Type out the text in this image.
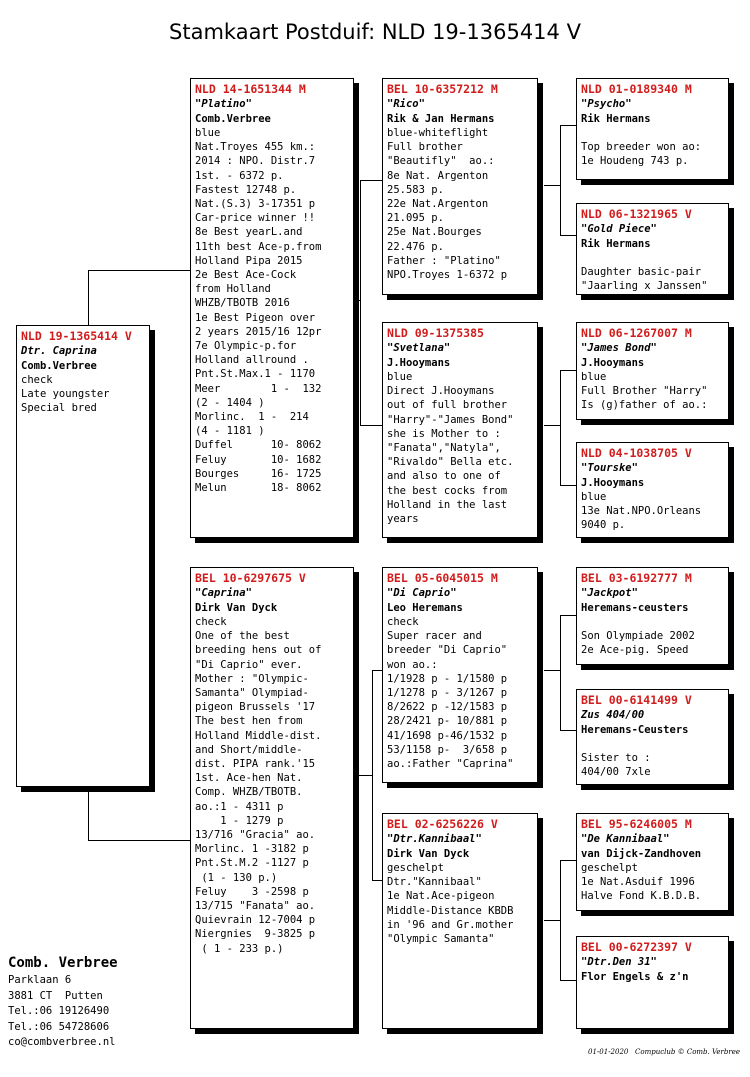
Stamkaart Postduif: NLD 19-1365414 V
NLD 19-1365414 V
Dtr. Caprina
Comb.Verbree
check
Late youngster
Special bred
NLD 14-1651344 M
"Platino"
Comb.Verbree
blue
Nat.Troyes 455 km.:
2014 : NPO. Distr.7
1st. - 6372 p.
Fastest 12748 p.
Nat.(S.3) 3-17351 p
Car-price winner !!
8e Best yearL.and
11th best Ace-p.from
Holland Pipa 2015
2e Best Ace-Cock
from Holland
WHZB/TBOTB 2016
1e Best Pigeon over
2 years 2015/16 12pr
7e Olympic-p.for
Holland allround .
Pnt.St.Max.1 - 1170
Meer        1 -  132
(2 - 1404 )
Morlinc.  1 -  214
(4 - 1181 )
Duffel      10- 8062
Feluy       10- 1682
Bourges     16- 1725
Melun       18- 8062
BEL 10-6297675 V
"Caprina"
Dirk Van Dyck
check
One of the best
breeding hens out of
"Di Caprio" ever.
Mother : "Olympic-
Samanta" Olympiad-
pigeon Brussels '17
The best hen from
Holland Middle-dist.
and Short/middle-
dist. PIPA rank.'15
1st. Ace-hen Nat.
Comp. WHZB/TBOTB.
ao.:1 - 4311 p
1 - 1279 p
13/716 "Gracia" ao.
Morlinc. 1 -3182 p
Pnt.St.M.2 -1127 p
(1 - 130 p.)
Feluy    3 -2598 p
13/715 "Fanata" ao.
Quievrain 12-7004 p
Niergnies  9-3825 p
( 1 - 233 p.)
BEL 10-6357212 M
"Rico"
Rik & Jan Hermans
blue-whiteflight
Full brother
"Beautifly"  ao.:
8e Nat. Argenton
25.583 p.
22e Nat.Argenton
21.095 p.
25e Nat.Bourges
22.476 p.
Father : "Platino"
NPO.Troyes 1-6372 p
NLD 09-1375385
"Svetlana"
J.Hooymans
blue
Direct J.Hooymans
out of full brother
"Harry"-"James Bond"
she is Mother to :
"Fanata","Natyla",
"Rivaldo" Bella etc.
and also to one of
the best cocks from
Holland in the last
years
BEL 05-6045015 M
"Di Caprio"
Leo Heremans
check
Super racer and
breeder "Di Caprio"
won ao.:
1/1928 p - 1/1580 p
1/1278 p - 3/1267 p
8/2622 p -12/1583 p
28/2421 p- 10/881 p
41/1698 p-46/1532 p
53/1158 p-  3/658 p
ao.:Father "Caprina"
BEL 02-6256226 V
"Dtr.Kannibaal"
Dirk Van Dyck
geschelpt
Dtr."Kannibaal"
1e Nat.Ace-pigeon
Middle-Distance KBDB
in '96 and Gr.mother
"Olympic Samanta"
NLD 01-0189340 M
"Psycho"
Rik Hermans

Top breeder won ao:
1e Houdeng 743 p.
NLD 06-1321965 V
"Gold Piece"
Rik Hermans

Daughter basic-pair
"Jaarling x Janssen"
NLD 06-1267007 M
"James Bond"
J.Hooymans
blue
Full Brother "Harry"
Is (g)father of ao.:
NLD 04-1038705 V
"Tourske"
J.Hooymans
blue
13e Nat.NPO.Orleans
9040 p.
BEL 03-6192777 M
"Jackpot"
Heremans-ceusters

Son Olympiade 2002
2e Ace-pig. Speed
BEL 00-6141499 V
Zus 404/00
Heremans-Ceusters

Sister to :
404/00 7xle
BEL 95-6246005 M
"De Kannibaal"
van Dijck-Zandhoven
geschelpt
1e Nat.Asduif 1996
Halve Fond K.B.D.B.
BEL 00-6272397 V
"Dtr.Den 31"
Flor Engels & z'n
Comb. Verbree
Parklaan 6
3881 CT  Putten
Tel.:06 19126490
Tel.:06 54728606
co@combverbree.nl
01-01-2020   Compuclub © Comb. Verbree
